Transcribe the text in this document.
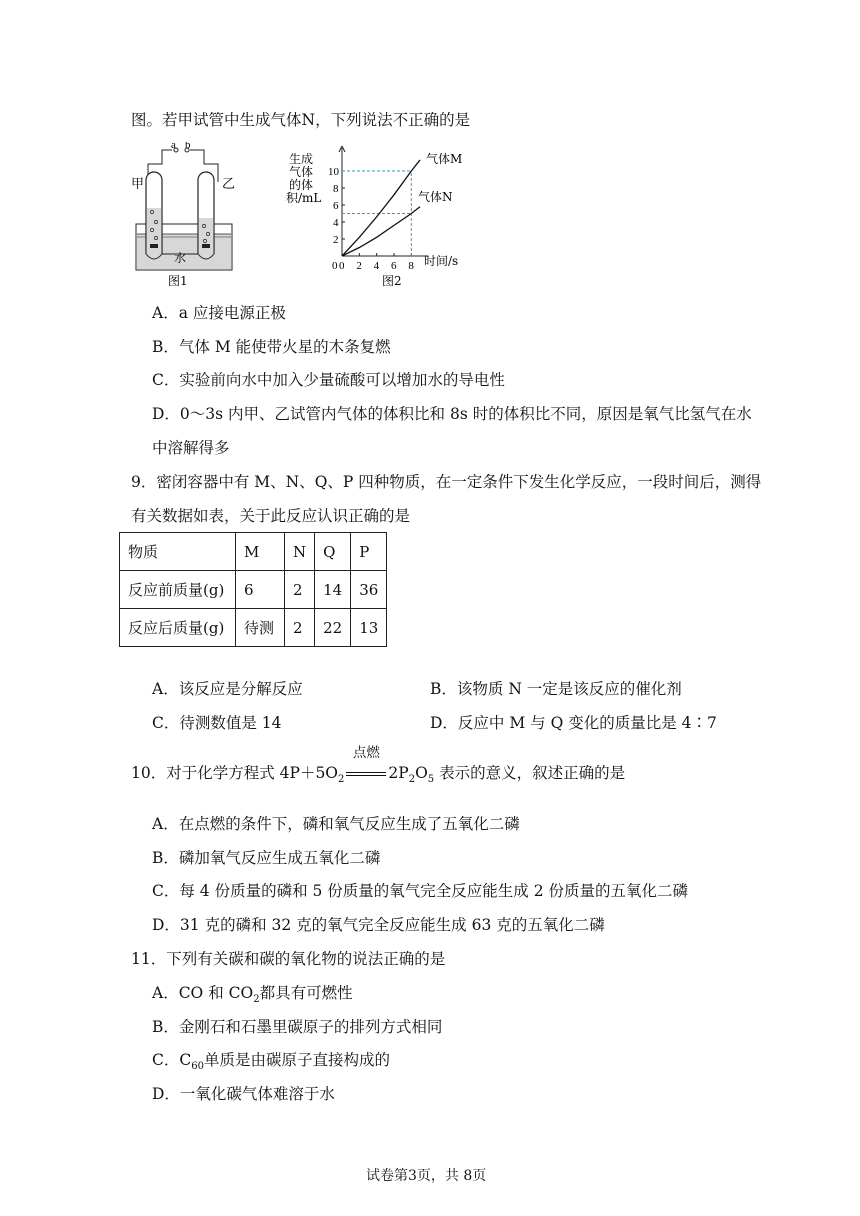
图。若甲试管中生成气体N，下列说法不正确的是
a b
甲	乙
水
图1
生成
气体
的体
积/mL
0 2 4 6 8
2
4
6
8
10
0	时间/s
气体M
气体N
图2
A．a 应接电源正极
B．气体 M 能使带火星的木条复燃
C．实验前向水中加入少量硫酸可以增加水的导电性
D．0～3s 内甲、乙试管内气体的体积比和 8s 时的体积比不同，原因是氧气比氢气在水
中溶解得多
9．密闭容器中有 M、N、Q、P 四种物质，在一定条件下发生化学反应，一段时间后，测得
有关数据如表，关于此反应认识正确的是
物质	M	N	Q	P
反应前质量(g)	6	2	14	36
反应后质量(g)	待测	2	22	13
A．该反应是分解反应	B．该物质 N 一定是该反应的催化剂
C．待测数值是 14	D．反应中 M 与 Q 变化的质量比是 4∶7
10．对于化学方程式 $4P+5O_2$
点燃
$2P_2O_5$ 表示的意义，叙述正确的是
A．在点燃的条件下，磷和氧气反应生成了五氧化二磷
B．磷加氧气反应生成五氧化二磷
C．每 4 份质量的磷和 5 份质量的氧气完全反应能生成 2 份质量的五氧化二磷
D．31 克的磷和 32 克的氧气完全反应能生成 63 克的五氧化二磷
11．下列有关碳和碳的氧化物的说法正确的是
A．CO 和 $CO_2$都具有可燃性
B．金刚石和石墨里碳原子的排列方式相同
C．$C_{60}$单质是由碳原子直接构成的
D．一氧化碳气体难溶于水
试卷第3页，共 8页
